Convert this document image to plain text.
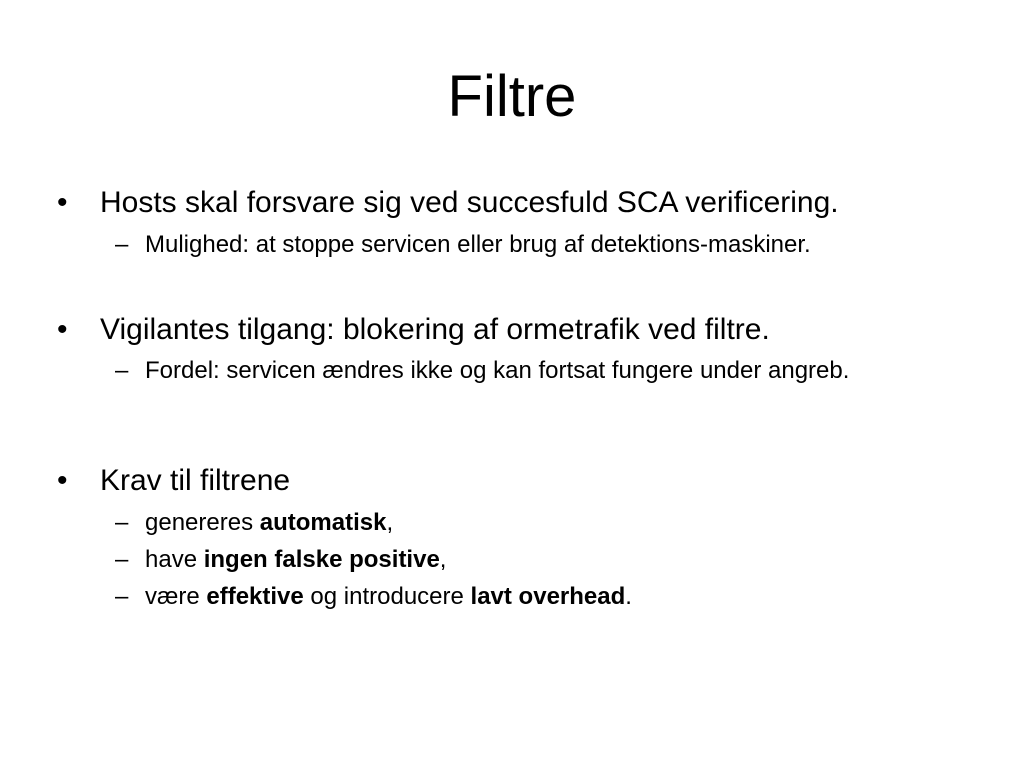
Filtre
• Hosts skal forsvare sig ved succesfuld SCA verificering.
– Mulighed: at stoppe servicen eller brug af detektions-maskiner.
• Vigilantes tilgang: blokering af ormetrafik ved filtre.
– Fordel: servicen ændres ikke og kan fortsat fungere under angreb.
• Krav til filtrene
– genereres automatisk,
– have ingen falske positive,
– være effektive og introducere lavt overhead.
